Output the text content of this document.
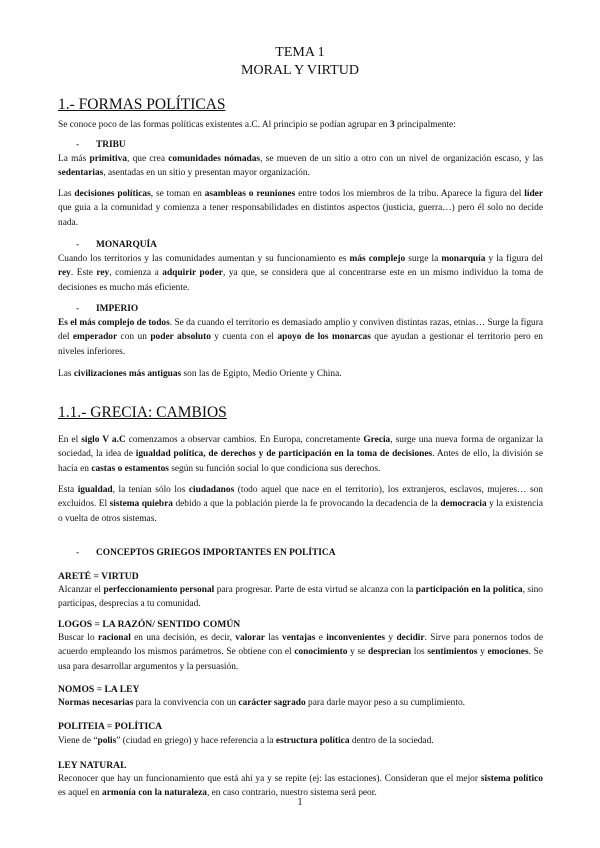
TEMA 1
MORAL Y VIRTUD
1.- FORMAS POLÍTICAS
Se conoce poco de las formas políticas existentes a.C. Al principio se podían agrupar en 3 principalmente:
- TRIBU
La más primitiva, que crea comunidades nómadas, se mueven de un sitio a otro con un nivel de organización escaso, y las sedentarias, asentadas en un sitio y presentan mayor organización.
Las decisiones políticas, se toman en asambleas o reuniones entre todos los miembros de la tribu. Aparece la figura del líder que guía a la comunidad y comienza a tener responsabilidades en distintos aspectos (justicia, guerra…) pero él solo no decide nada.
- MONARQUÍA
Cuando los territorios y las comunidades aumentan y su funcionamiento es más complejo surge la monarquía y la figura del rey. Este rey, comienza a adquirir poder, ya que, se considera que al concentrarse este en un mismo individuo la toma de decisiones es mucho más eficiente.
- IMPERIO
Es el más complejo de todos. Se da cuando el territorio es demasiado amplio y conviven distintas razas, etnias… Surge la figura del emperador con un poder absoluto y cuenta con el apoyo de los monarcas que ayudan a gestionar el territorio pero en niveles inferiores.
Las civilizaciones más antiguas son las de Egipto, Medio Oriente y China.
1.1.- GRECIA: CAMBIOS
En el siglo V a.C comenzamos a observar cambios. En Europa, concretamente Grecia, surge una nueva forma de organizar la sociedad, la idea de igualdad política, de derechos y de participación en la toma de decisiones. Antes de ello, la división se hacía en castas o estamentos según su función social lo que condiciona sus derechos.
Esta igualdad, la tenían sólo los ciudadanos (todo aquel que nace en el territorio), los extranjeros, esclavos, mujeres… son excluidos. El sistema quiebra debido a que la población pierde la fe provocando la decadencia de la democracia y la existencia o vuelta de otros sistemas.
- CONCEPTOS GRIEGOS IMPORTANTES EN POLÍTICA
ARETÉ = VIRTUD
Alcanzar el perfeccionamiento personal para progresar. Parte de esta virtud se alcanza con la participación en la política, sino participas, desprecias a tu comunidad.
LOGOS = LA RAZÓN/ SENTIDO COMÚN
Buscar lo racional en una decisión, es decir, valorar las ventajas e inconvenientes y decidir. Sirve para ponernos todos de acuerdo empleando los mismos parámetros. Se obtiene con el conocimiento y se desprecian los sentimientos y emociones. Se usa para desarrollar argumentos y la persuasión.
NOMOS = LA LEY
Normas necesarias para la convivencia con un carácter sagrado para darle mayor peso a su cumplimiento.
POLITEIA = POLÍTICA
Viene de “polis” (ciudad en griego) y hace referencia a la estructura política dentro de la sociedad.
LEY NATURAL
Reconocer que hay un funcionamiento que está ahí ya y se repite (ej: las estaciones). Consideran que el mejor sistema político es aquel en armonía con la naturaleza, en caso contrario, nuestro sistema será peor.
1
